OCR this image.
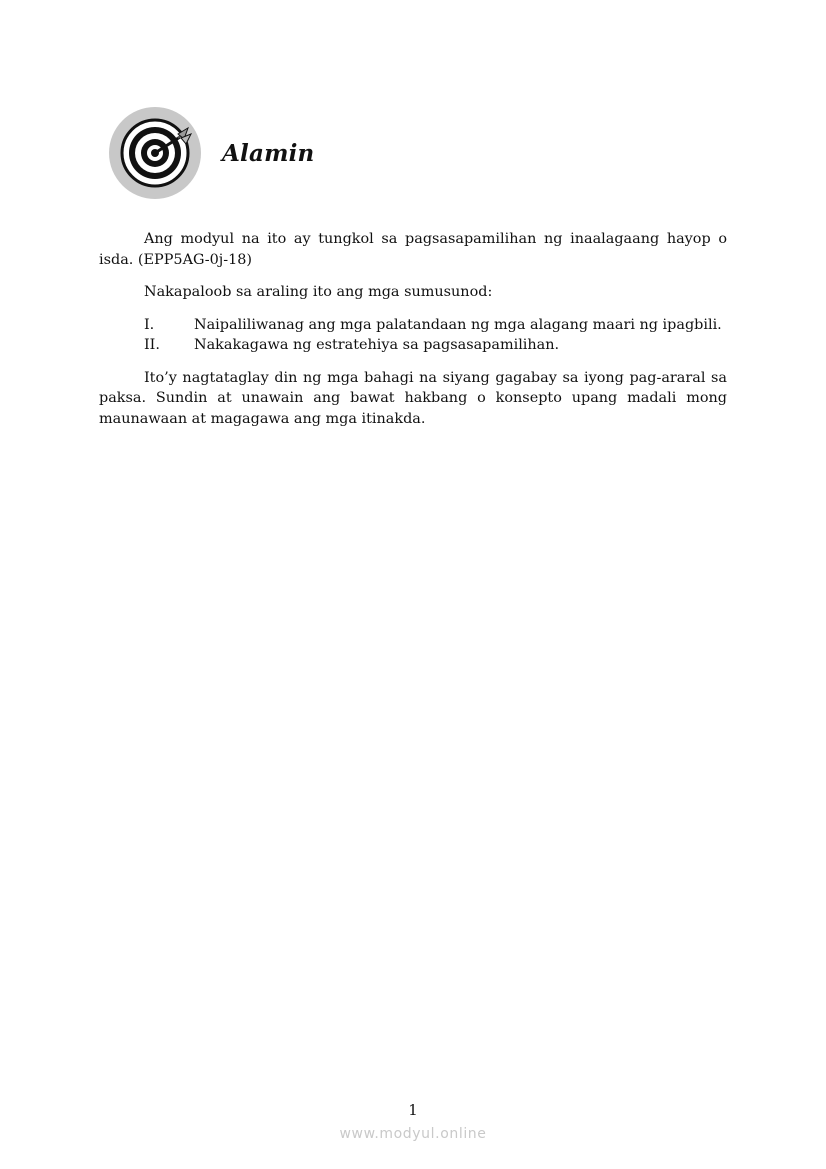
Alamin

Ang modyul na ito ay tungkol sa pagsasapamilihan ng inaalagaang hayop o isda. (EPP5AG-0j-18)

Nakapaloob sa araling ito ang mga sumusunod:

I.	Naipaliliwanag ang mga palatandaan ng mga alagang maari ng ipagbili.
II.	Nakakagawa ng estratehiya sa pagsasapamilihan.

Ito’y nagtataglay din ng mga bahagi na siyang gagabay sa iyong pag-araral sa paksa. Sundin at unawain ang bawat hakbang o konsepto upang madali mong maunawaan at magagawa ang mga itinakda.

1
www.modyul.online
